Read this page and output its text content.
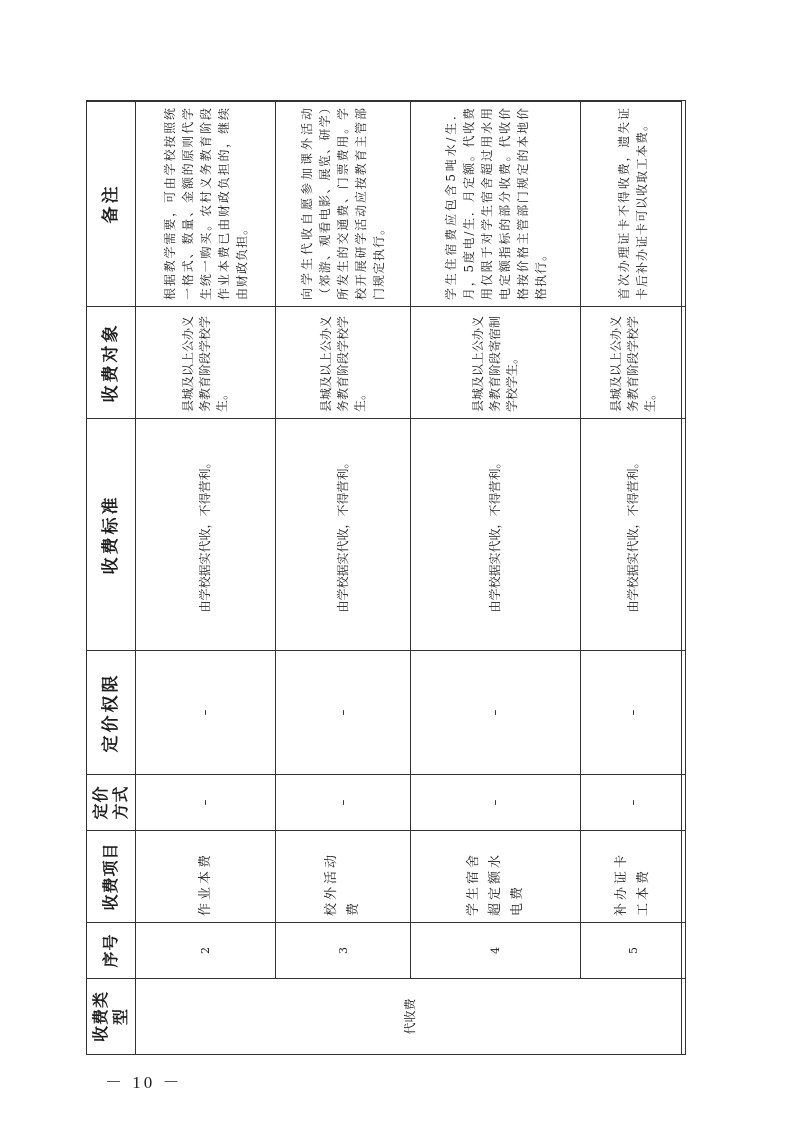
收费类型	序号	收费项目	定价方式	定价权限	收费标准	收费对象	备注
代收费	2	作业本费	–	–	由学校据实代收，不得营利。	县城及以上公办义务教育阶段学校学生。	根据教学需要，可由学校按照统一格式、数量、金额的原则代学生统一购买。农村义务教育阶段作业本费已由财政负担的，继续由财政负担。
	3	校外活动费	–	–	由学校据实代收，不得营利。	县城及以上公办义务教育阶段学校学生。	向学生代收自愿参加课外活动（郊游、观看电影、展览、研学）所发生的交通费、门票费用。学校开展研学活动应按教育主管部门规定执行。
	4	学生宿舍超定额水电费	–	–	由学校据实代收，不得营利。	县城及以上公办义务教育阶段寄宿制学校学生。	学生住宿费应包含5吨水/生．月，5度电/生．月定额。代收费用仅限于对学生宿舍超过用水用电定额指标的部分收费。代收价格按价格主管部门规定的本地价格执行。
	5	补办证卡工本费	–	–	由学校据实代收，不得营利。	县城及以上公办义务教育阶段学校学生。	首次办理证卡不得收费，遗失证卡后补办证卡可以收取工本费。
－ 10 －
